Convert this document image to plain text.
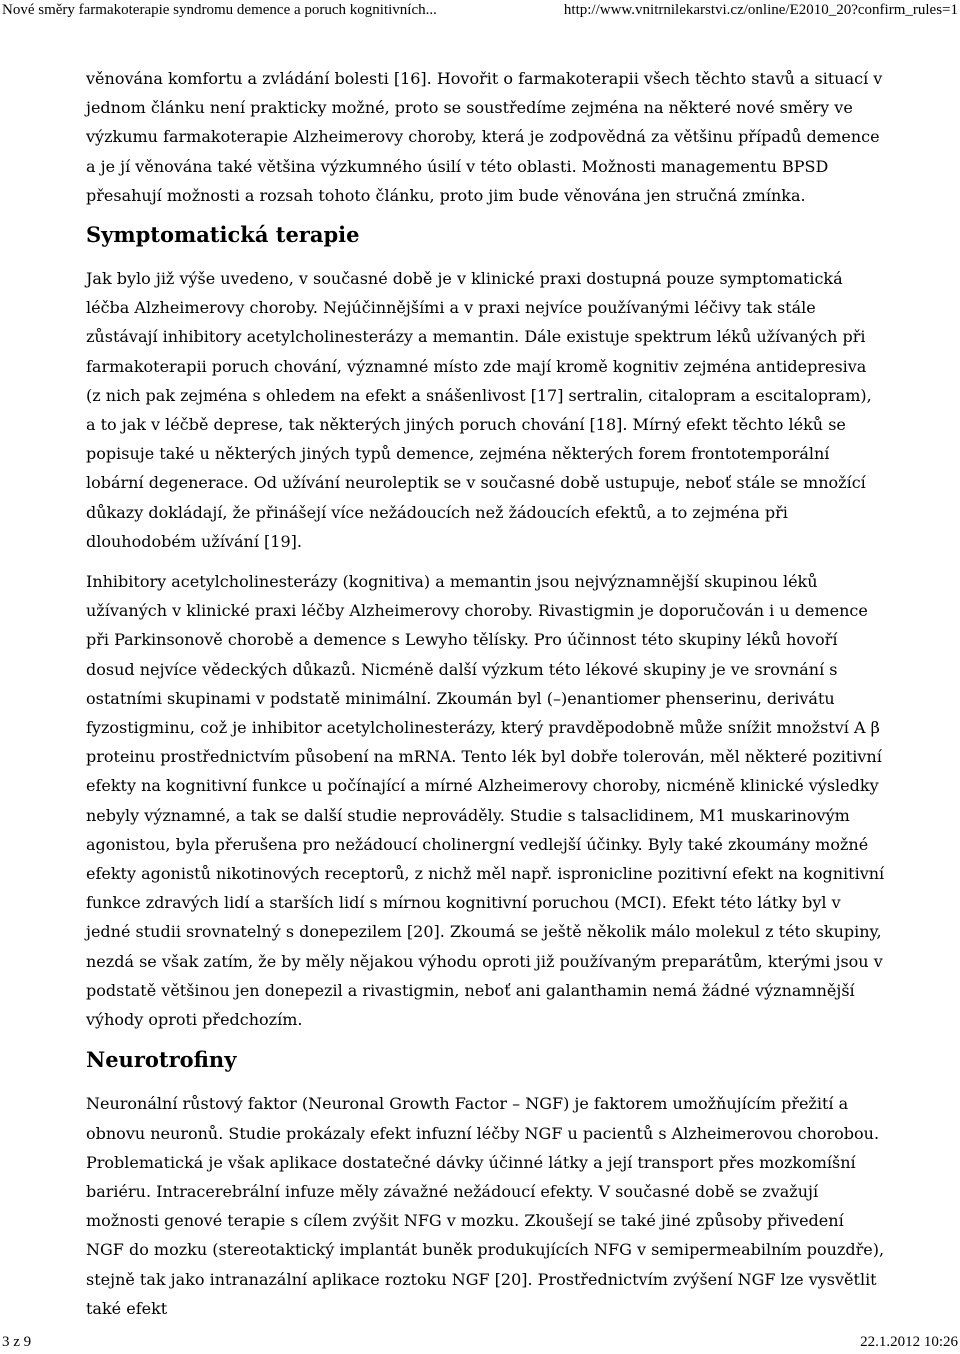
Nové směry farmakoterapie syndromu demence a poruch kognitivních...	http://www.vnitrnilekarstvi.cz/online/E2010_20?confirm_rules=1

věnována komfortu a zvládání bolesti [16]. Hovořit o farmakoterapii všech těchto stavů a situací v jednom článku není prakticky možné, proto se soustředíme zejména na některé nové směry ve výzkumu farmakoterapie Alzheimerovy choroby, která je zodpovědná za většinu případů demence a je jí věnována také většina výzkumného úsilí v této oblasti. Možnosti managementu BPSD přesahují možnosti a rozsah tohoto článku, proto jim bude věnována jen stručná zmínka.

Symptomatická terapie

Jak bylo již výše uvedeno, v současné době je v klinické praxi dostupná pouze symptomatická léčba Alzheimerovy choroby. Nejúčinnějšími a v praxi nejvíce používanými léčivy tak stále zůstávají inhibitory acetylcholinesterázy a memantin. Dále existuje spektrum léků užívaných při farmakoterapii poruch chování, významné místo zde mají kromě kognitiv zejména antidepresiva (z nich pak zejména s ohledem na efekt a snášenlivost [17] sertralin, citalopram a escitalopram), a to jak v léčbě deprese, tak některých jiných poruch chování [18]. Mírný efekt těchto léků se popisuje také u některých jiných typů demence, zejména některých forem frontotemporální lobární degenerace. Od užívání neuroleptik se v současné době ustupuje, neboť stále se množící důkazy dokládají, že přinášejí více nežádoucích než žádoucích efektů, a to zejména při dlouhodobém užívání [19].

Inhibitory acetylcholinesterázy (kognitiva) a memantin jsou nejvýznamnější skupinou léků užívaných v klinické praxi léčby Alzheimerovy choroby. Rivastigmin je doporučován i u demence při Parkinsonově chorobě a demence s Lewyho tělísky. Pro účinnost této skupiny léků hovoří dosud nejvíce vědeckých důkazů. Nicméně další výzkum této lékové skupiny je ve srovnání s ostatními skupinami v podstatě minimální. Zkoumán byl (–)enantiomer phenserinu, derivátu fyzostigminu, což je inhibitor acetylcholinesterázy, který pravděpodobně může snížit množství A β proteinu prostřednictvím působení na mRNA. Tento lék byl dobře tolerován, měl některé pozitivní efekty na kognitivní funkce u počínající a mírné Alzheimerovy choroby, nicméně klinické výsledky nebyly významné, a tak se další studie neprováděly. Studie s talsaclidinem, M1 muskarinovým agonistou, byla přerušena pro nežádoucí cholinergní vedlejší účinky. Byly také zkoumány možné efekty agonistů nikotinových receptorů, z nichž měl např. ispronicline pozitivní efekt na kognitivní funkce zdravých lidí a starších lidí s mírnou kognitivní poruchou (MCI). Efekt této látky byl v jedné studii srovnatelný s donepezilem [20]. Zkoumá se ještě několik málo molekul z této skupiny, nezdá se však zatím, že by měly nějakou výhodu oproti již používaným preparátům, kterými jsou v podstatě většinou jen donepezil a rivastigmin, neboť ani galanthamin nemá žádné významnější výhody oproti předchozím.

Neurotrofiny

Neuronální růstový faktor (Neuronal Growth Factor – NGF) je faktorem umožňujícím přežití a obnovu neuronů. Studie prokázaly efekt infuzní léčby NGF u pacientů s Alzheimerovou chorobou. Problematická je však aplikace dostatečné dávky účinné látky a její transport přes mozkomíšní bariéru. Intracerebrální infuze měly závažné nežádoucí efekty. V současné době se zvažují možnosti genové terapie s cílem zvýšit NFG v mozku. Zkoušejí se také jiné způsoby přivedení NGF do mozku (stereotaktický implantát buněk produkujících NFG v semipermeabilním pouzdře), stejně tak jako intranazální aplikace roztoku NGF [20]. Prostřednictvím zvýšení NGF lze vysvětlit také efekt

3 z 9	22.1.2012 10:26
